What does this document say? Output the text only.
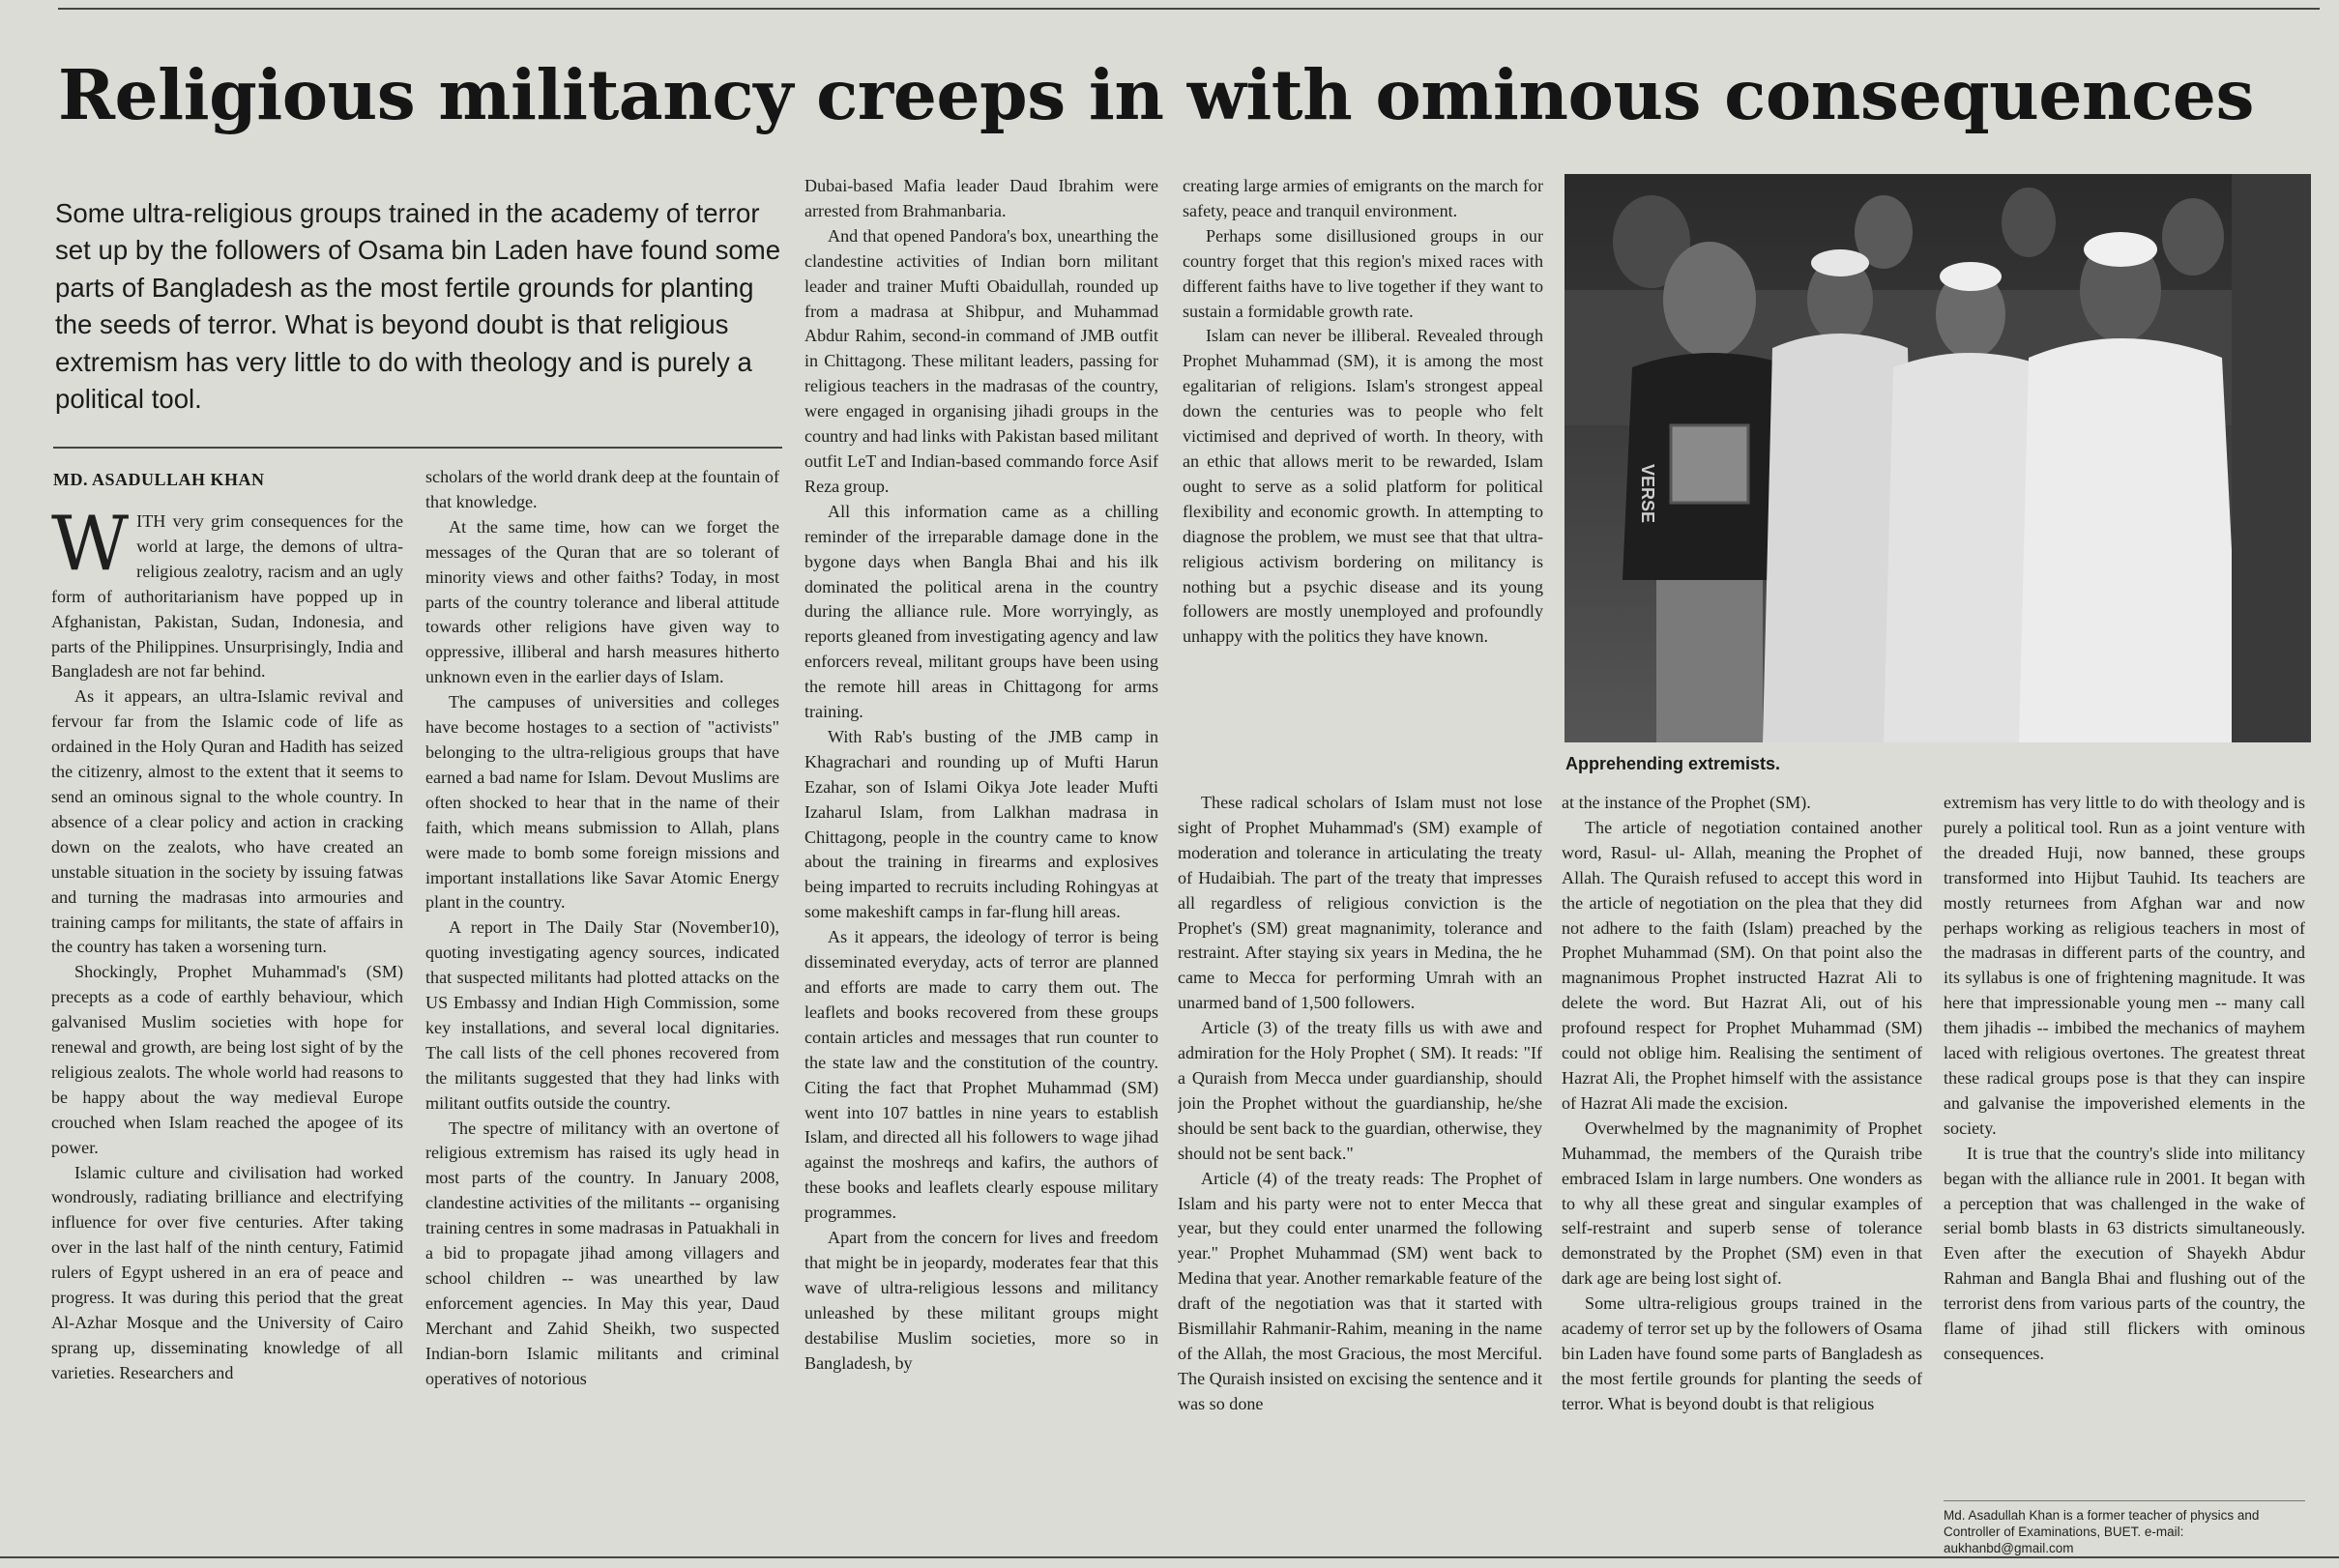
Religious militancy creeps in with ominous consequences

Some ultra-religious groups trained in the academy of terror set up by the followers of Osama bin Laden have found some parts of Bangladesh as the most fertile grounds for planting the seeds of terror. What is beyond doubt is that religious extremism has very little to do with theology and is purely a political tool.

MD. ASADULLAH KHAN

WITH very grim consequences for the world at large, the demons of ultra-religious zealotry, racism and an ugly form of authoritarianism have popped up in Afghanistan, Pakistan, Sudan, Indonesia, and parts of the Philippines. Unsurprisingly, India and Bangladesh are not far behind.

As it appears, an ultra-Islamic revival and fervour far from the Islamic code of life as ordained in the Holy Quran and Hadith has seized the citizenry, almost to the extent that it seems to send an ominous signal to the whole country. In absence of a clear policy and action in cracking down on the zealots, who have created an unstable situation in the society by issuing fatwas and turning the madrasas into armouries and training camps for militants, the state of affairs in the country has taken a worsening turn.

Shockingly, Prophet Muhammad's (SM) precepts as a code of earthly behaviour, which galvanised Muslim societies with hope for renewal and growth, are being lost sight of by the religious zealots. The whole world had reasons to be happy about the way medieval Europe crouched when Islam reached the apogee of its power.

Islamic culture and civilisation had worked wondrously, radiating brilliance and electrifying influence for over five centuries. After taking over in the last half of the ninth century, Fatimid rulers of Egypt ushered in an era of peace and progress. It was during this period that the great Al-Azhar Mosque and the University of Cairo sprang up, disseminating knowledge of all varieties. Researchers and

scholars of the world drank deep at the fountain of that knowledge.

At the same time, how can we forget the messages of the Quran that are so tolerant of minority views and other faiths? Today, in most parts of the country tolerance and liberal attitude towards other religions have given way to oppressive, illiberal and harsh measures hitherto unknown even in the earlier days of Islam.

The campuses of universities and colleges have become hostages to a section of "activists" belonging to the ultra-religious groups that have earned a bad name for Islam. Devout Muslims are often shocked to hear that in the name of their faith, which means submission to Allah, plans were made to bomb some foreign missions and important installations like Savar Atomic Energy plant in the country.

A report in The Daily Star (November10), quoting investigating agency sources, indicated that suspected militants had plotted attacks on the US Embassy and Indian High Commission, some key installations, and several local dignitaries. The call lists of the cell phones recovered from the militants suggested that they had links with militant outfits outside the country.

The spectre of militancy with an overtone of religious extremism has raised its ugly head in most parts of the country. In January 2008, clandestine activities of the militants -- organising training centres in some madrasas in Patuakhali in a bid to propagate jihad among villagers and school children -- was unearthed by law enforcement agencies. In May this year, Daud Merchant and Zahid Sheikh, two suspected Indian-born Islamic militants and criminal operatives of notorious

Dubai-based Mafia leader Daud Ibrahim were arrested from Brahmanbaria.

And that opened Pandora's box, unearthing the clandestine activities of Indian born militant leader and trainer Mufti Obaidullah, rounded up from a madrasa at Shibpur, and Muhammad Abdur Rahim, second-in command of JMB outfit in Chittagong. These militant leaders, passing for religious teachers in the madrasas of the country, were engaged in organising jihadi groups in the country and had links with Pakistan based militant outfit LeT and Indian-based commando force Asif Reza group.

All this information came as a chilling reminder of the irreparable damage done in the bygone days when Bangla Bhai and his ilk dominated the political arena in the country during the alliance rule. More worryingly, as reports gleaned from investigating agency and law enforcers reveal, militant groups have been using the remote hill areas in Chittagong for arms training.

With Rab's busting of the JMB camp in Khagrachari and rounding up of Mufti Harun Ezahar, son of Islami Oikya Jote leader Mufti Izaharul Islam, from Lalkhan madrasa in Chittagong, people in the country came to know about the training in firearms and explosives being imparted to recruits including Rohingyas at some makeshift camps in far-flung hill areas.

As it appears, the ideology of terror is being disseminated everyday, acts of terror are planned and efforts are made to carry them out. The leaflets and books recovered from these groups contain articles and messages that run counter to the state law and the constitution of the country. Citing the fact that Prophet Muhammad (SM) went into 107 battles in nine years to establish Islam, and directed all his followers to wage jihad against the moshreqs and kafirs, the authors of these books and leaflets clearly espouse military programmes.

Apart from the concern for lives and freedom that might be in jeopardy, moderates fear that this wave of ultra-religious lessons and militancy unleashed by these militant groups might destabilise Muslim societies, more so in Bangladesh, by

creating large armies of emigrants on the march for safety, peace and tranquil environment.

Perhaps some disillusioned groups in our country forget that this region's mixed races with different faiths have to live together if they want to sustain a formidable growth rate.

Islam can never be illiberal. Revealed through Prophet Muhammad (SM), it is among the most egalitarian of religions. Islam's strongest appeal down the centuries was to people who felt victimised and deprived of worth. In theory, with an ethic that allows merit to be rewarded, Islam ought to serve as a solid platform for political flexibility and economic growth. In attempting to diagnose the problem, we must see that that ultra- religious activism bordering on militancy is nothing but a psychic disease and its young followers are mostly unemployed and profoundly unhappy with the politics they have known.

These radical scholars of Islam must not lose sight of Prophet Muhammad's (SM) example of moderation and tolerance in articulating the treaty of Hudaibiah. The part of the treaty that impresses all regardless of religious conviction is the Prophet's (SM) great magnanimity, tolerance and restraint. After staying six years in Medina, the he came to Mecca for performing Umrah with an unarmed band of 1,500 followers.

Article (3) of the treaty fills us with awe and admiration for the Holy Prophet ( SM). It reads: "If a Quraish from Mecca under guardianship, should join the Prophet without the guardianship, he/she should be sent back to the guardian, otherwise, they should not be sent back."

Article (4) of the treaty reads: The Prophet of Islam and his party were not to enter Mecca that year, but they could enter unarmed the following year." Prophet Muhammad (SM) went back to Medina that year. Another remarkable feature of the draft of the negotiation was that it started with Bismillahir Rahmanir-Rahim, meaning in the name of the Allah, the most Gracious, the most Merciful. The Quraish insisted on excising the sentence and it was so done

VERSE

Apprehending extremists.

at the instance of the Prophet (SM).

The article of negotiation contained another word, Rasul- ul- Allah, meaning the Prophet of Allah. The Quraish refused to accept this word in the article of negotiation on the plea that they did not adhere to the faith (Islam) preached by the Prophet Muhammad (SM). On that point also the magnanimous Prophet instructed Hazrat Ali to delete the word. But Hazrat Ali, out of his profound respect for Prophet Muhammad (SM) could not oblige him. Realising the sentiment of Hazrat Ali, the Prophet himself with the assistance of Hazrat Ali made the excision.

Overwhelmed by the magnanimity of Prophet Muhammad, the members of the Quraish tribe embraced Islam in large numbers. One wonders as to why all these great and singular examples of self-restraint and superb sense of tolerance demonstrated by the Prophet (SM) even in that dark age are being lost sight of.

Some ultra-religious groups trained in the academy of terror set up by the followers of Osama bin Laden have found some parts of Bangladesh as the most fertile grounds for planting the seeds of terror. What is beyond doubt is that religious

extremism has very little to do with theology and is purely a political tool. Run as a joint venture with the dreaded Huji, now banned, these groups transformed into Hijbut Tauhid. Its teachers are mostly returnees from Afghan war and now perhaps working as religious teachers in most of the madrasas in different parts of the country, and its syllabus is one of frightening magnitude. It was here that impressionable young men -- many call them jihadis -- imbibed the mechanics of mayhem laced with religious overtones. The greatest threat these radical groups pose is that they can inspire and galvanise the impoverished elements in the society.

It is true that the country's slide into militancy began with the alliance rule in 2001. It began with a perception that was challenged in the wake of serial bomb blasts in 63 districts simultaneously. Even after the execution of Shayekh Abdur Rahman and Bangla Bhai and flushing out of the terrorist dens from various parts of the country, the flame of jihad still flickers with ominous consequences.

Md. Asadullah Khan is a former teacher of physics and Controller of Examinations, BUET. e-mail: aukhanbd@gmail.com
